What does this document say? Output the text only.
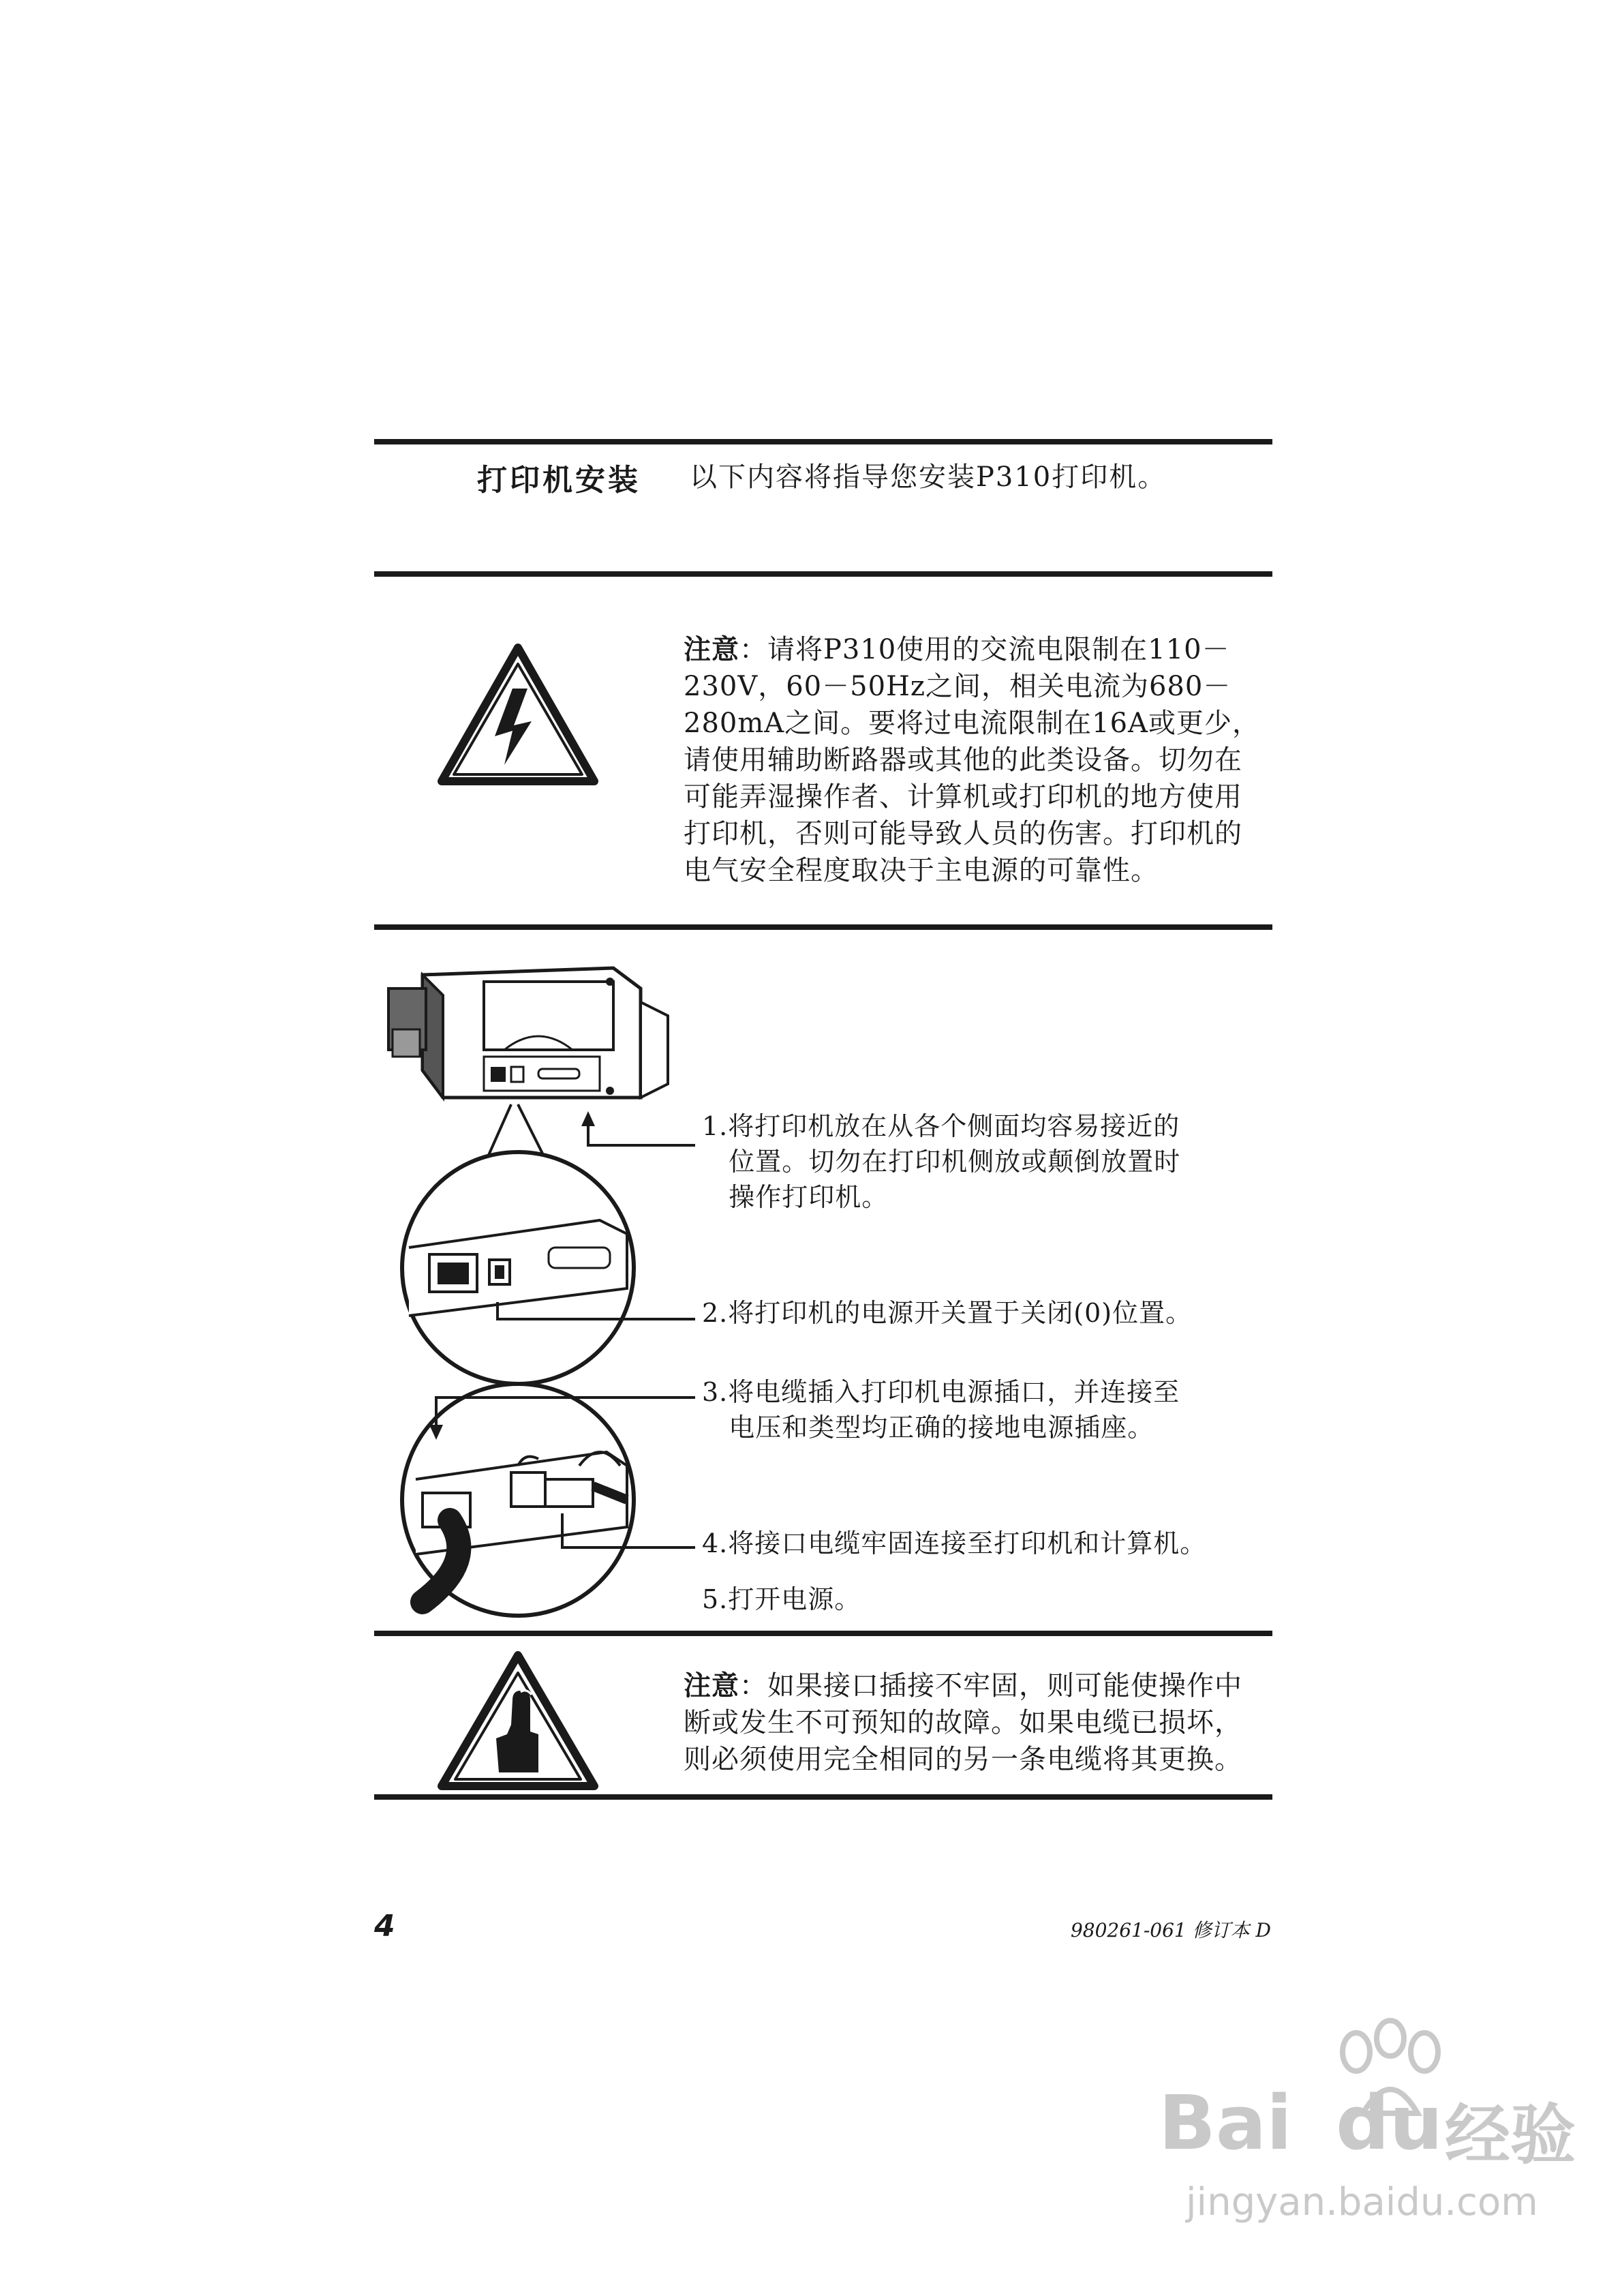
打印机安装 以下内容将指导您安装P310打印机。
注意：请将P310使用的交流电限制在110－230V，60－50Hz之间，相关电流为680－280mA之间。要将过电流限制在16A或更少，请使用辅助断路器或其他的此类设备。切勿在可能弄湿操作者、计算机或打印机的地方使用打印机，否则可能导致人员的伤害。打印机的电气安全程度取决于主电源的可靠性。
1.将打印机放在从各个侧面均容易接近的
位置。切勿在打印机侧放或颠倒放置时
操作打印机。
2.将打印机的电源开关置于关闭(0)位置。
3.将电缆插入打印机电源插口，并连接至
电压和类型均正确的接地电源插座。
4.将接口电缆牢固连接至打印机和计算机。
5.打开电源。
注意：如果接口插接不牢固，则可能使操作中断或发生不可预知的故障。如果电缆已损坏，则必须使用完全相同的另一条电缆将其更换。
4	980261-061 修订本 D
Bai du 经验
jingyan.baidu.com
